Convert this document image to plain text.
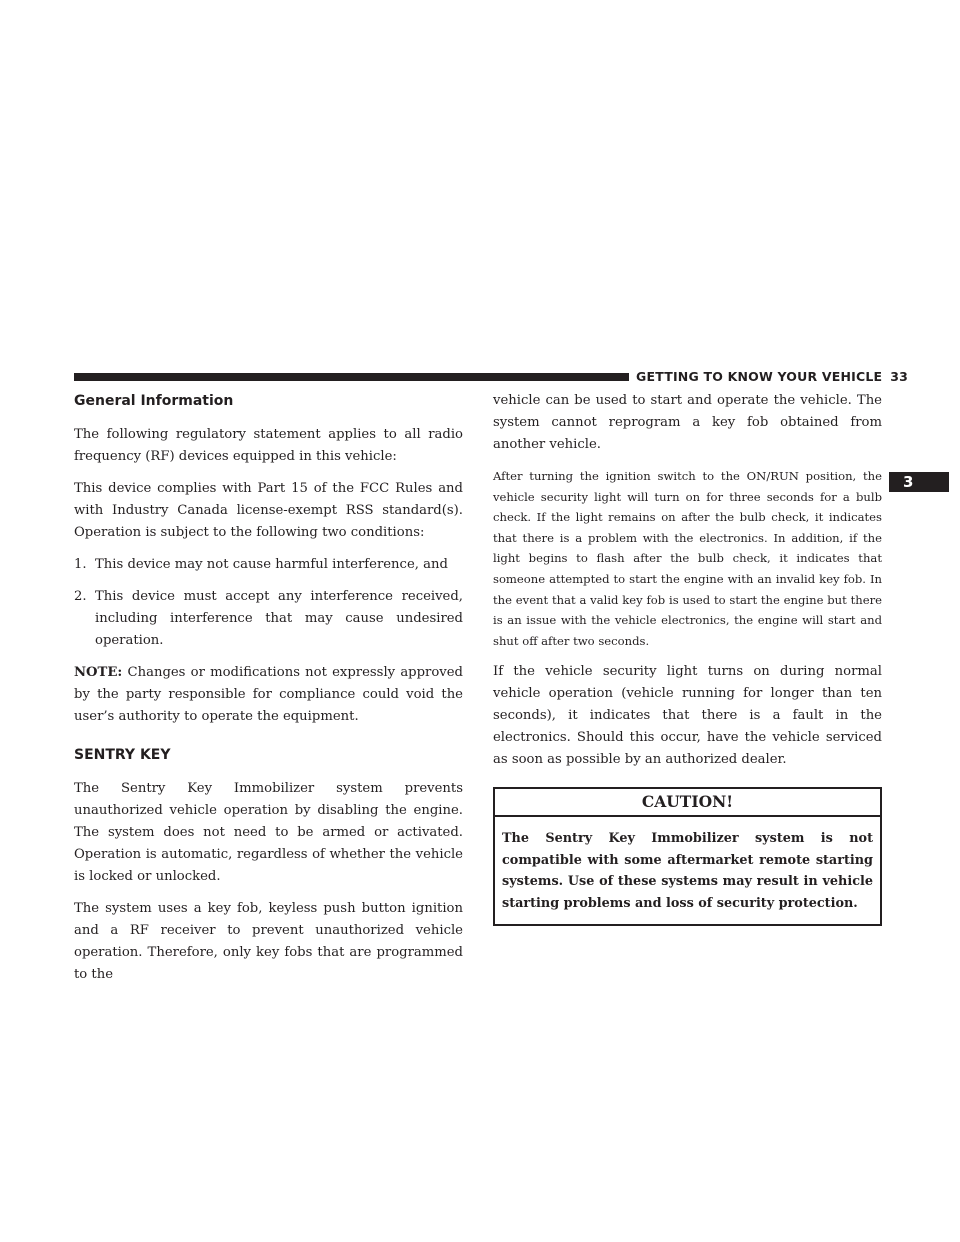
GETTING TO KNOW YOUR VEHICLE 33
3
General Information

The following regulatory statement applies to all radio frequency (RF) devices equipped in this vehicle:

This device complies with Part 15 of the FCC Rules and with Industry Canada license-exempt RSS standard(s). Operation is subject to the following two conditions:

1. This device may not cause harmful interference, and
2. This device must accept any interference received, including interference that may cause undesired operation.

NOTE: Changes or modifications not expressly approved by the party responsible for compliance could void the user’s authority to operate the equipment.

SENTRY KEY

The Sentry Key Immobilizer system prevents unauthorized vehicle operation by disabling the engine. The system does not need to be armed or activated. Operation is automatic, regardless of whether the vehicle is locked or unlocked.

The system uses a key fob, keyless push button ignition and a RF receiver to prevent unauthorized vehicle operation. Therefore, only key fobs that are programmed to the

vehicle can be used to start and operate the vehicle. The system cannot reprogram a key fob obtained from another vehicle.

After turning the ignition switch to the ON/RUN position, the vehicle security light will turn on for three seconds for a bulb check. If the light remains on after the bulb check, it indicates that there is a problem with the electronics. In addition, if the light begins to flash after the bulb check, it indicates that someone attempted to start the engine with an invalid key fob. In the event that a valid key fob is used to start the engine but there is an issue with the vehicle electronics, the engine will start and shut off after two seconds.

If the vehicle security light turns on during normal vehicle operation (vehicle running for longer than ten seconds), it indicates that there is a fault in the electronics. Should this occur, have the vehicle serviced as soon as possible by an authorized dealer.

CAUTION!
The Sentry Key Immobilizer system is not compatible with some aftermarket remote starting systems. Use of these systems may result in vehicle starting problems and loss of security protection.
